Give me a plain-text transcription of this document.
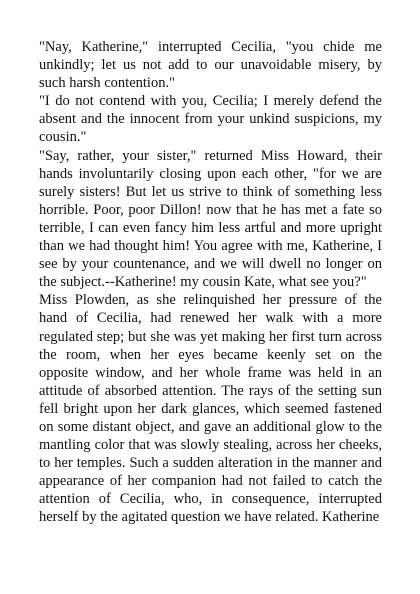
"Nay, Katherine," interrupted Cecilia, "you chide me unkindly; let us not add to our unavoidable misery, by such harsh contention."

"I do not contend with you, Cecilia; I merely defend the absent and the innocent from your unkind suspicions, my cousin."

"Say, rather, your sister," returned Miss Howard, their hands involuntarily closing upon each other, "for we are surely sisters! But let us strive to think of something less horrible. Poor, poor Dillon! now that he has met a fate so terrible, I can even fancy him less artful and more upright than we had thought him! You agree with me, Katherine, I see by your countenance, and we will dwell no longer on the subject.--Katherine! my cousin Kate, what see you?"

Miss Plowden, as she relinquished her pressure of the hand of Cecilia, had renewed her walk with a more regulated step; but she was yet making her first turn across the room, when her eyes became keenly set on the opposite window, and her whole frame was held in an attitude of absorbed attention. The rays of the setting sun fell bright upon her dark glances, which seemed fastened on some distant object, and gave an additional glow to the mantling color that was slowly stealing, across her cheeks, to her temples. Such a sudden alteration in the manner and appearance of her companion had not failed to catch the attention of Cecilia, who, in consequence, interrupted herself by the agitated question we have related. Katherine
